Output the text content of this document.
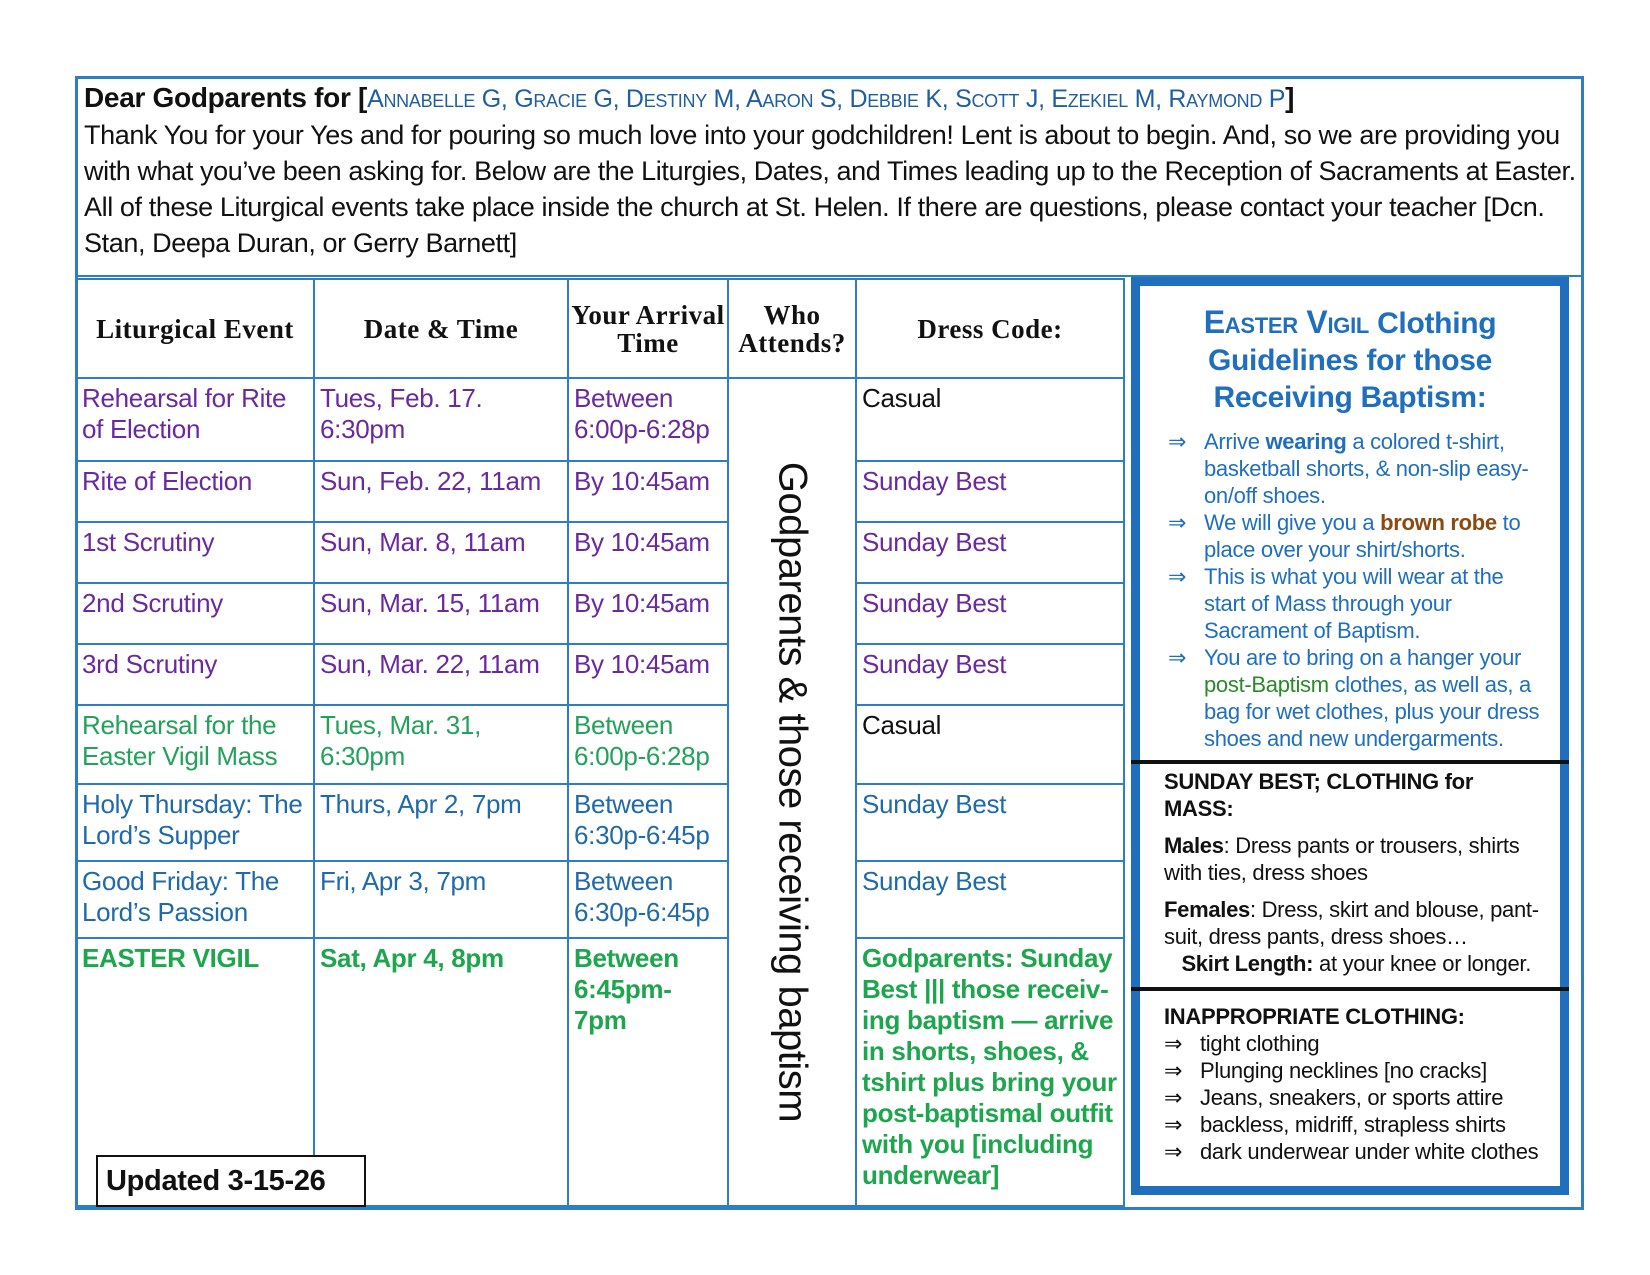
Dear Godparents for [Annabelle G, Gracie G, Destiny M, Aaron S, Debbie K, Scott J, Ezekiel M, Raymond P]
Thank You for your Yes and for pouring so much love into your godchildren! Lent is about to begin. And, so we are providing you with what you’ve been asking for. Below are the Liturgies, Dates, and Times leading up to the Reception of Sacraments at Easter. All of these Liturgical events take place inside the church at St. Helen. If there are questions, please contact your teacher [Dcn. Stan, Deepa Duran, or Gerry Barnett]
Liturgical Event	Date & Time	Your Arrival Time	Who Attends?	Dress Code:
Rehearsal for Rite of Election	Tues, Feb. 17. 6:30pm	Between 6:00p-6:28p	Godparents & those receiving baptism	Casual
Rite of Election	Sun, Feb. 22, 11am	By 10:45am		Sunday Best
1st Scrutiny	Sun, Mar. 8, 11am	By 10:45am		Sunday Best
2nd Scrutiny	Sun, Mar. 15, 11am	By 10:45am		Sunday Best
3rd Scrutiny	Sun, Mar. 22, 11am	By 10:45am		Sunday Best
Rehearsal for the Easter Vigil Mass	Tues, Mar. 31, 6:30pm	Between 6:00p-6:28p		Casual
Holy Thursday: The Lord’s Supper	Thurs, Apr 2, 7pm	Between 6:30p-6:45p		Sunday Best
Good Friday: The Lord’s Passion	Fri, Apr 3, 7pm	Between 6:30p-6:45p		Sunday Best
EASTER VIGIL	Sat, Apr 4, 8pm	Between 6:45pm-7pm		Godparents: Sunday Best ||| those receiv-ing baptism — arrive in shorts, shoes, & tshirt plus bring your post-baptismal outfit with you [including underwear]
Updated 3-15-26
Easter Vigil Clothing Guidelines for those Receiving Baptism:
⇒ Arrive wearing a colored t-shirt, basketball shorts, & non-slip easy-on/off shoes.
⇒ We will give you a brown robe to place over your shirt/shorts.
⇒ This is what you will wear at the start of Mass through your Sacrament of Baptism.
⇒ You are to bring on a hanger your post-Baptism clothes, as well as, a bag for wet clothes, plus your dress shoes and new undergarments.
SUNDAY BEST; CLOTHING for MASS:

Males: Dress pants or trousers, shirts with ties, dress shoes

Females: Dress, skirt and blouse, pant-suit, dress pants, dress shoes…
Skirt Length: at your knee or longer.

INAPPROPRIATE CLOTHING:
⇒ tight clothing
⇒ Plunging necklines [no cracks]
⇒ Jeans, sneakers, or sports attire
⇒ backless, midriff, strapless shirts
⇒ dark underwear under white clothes
